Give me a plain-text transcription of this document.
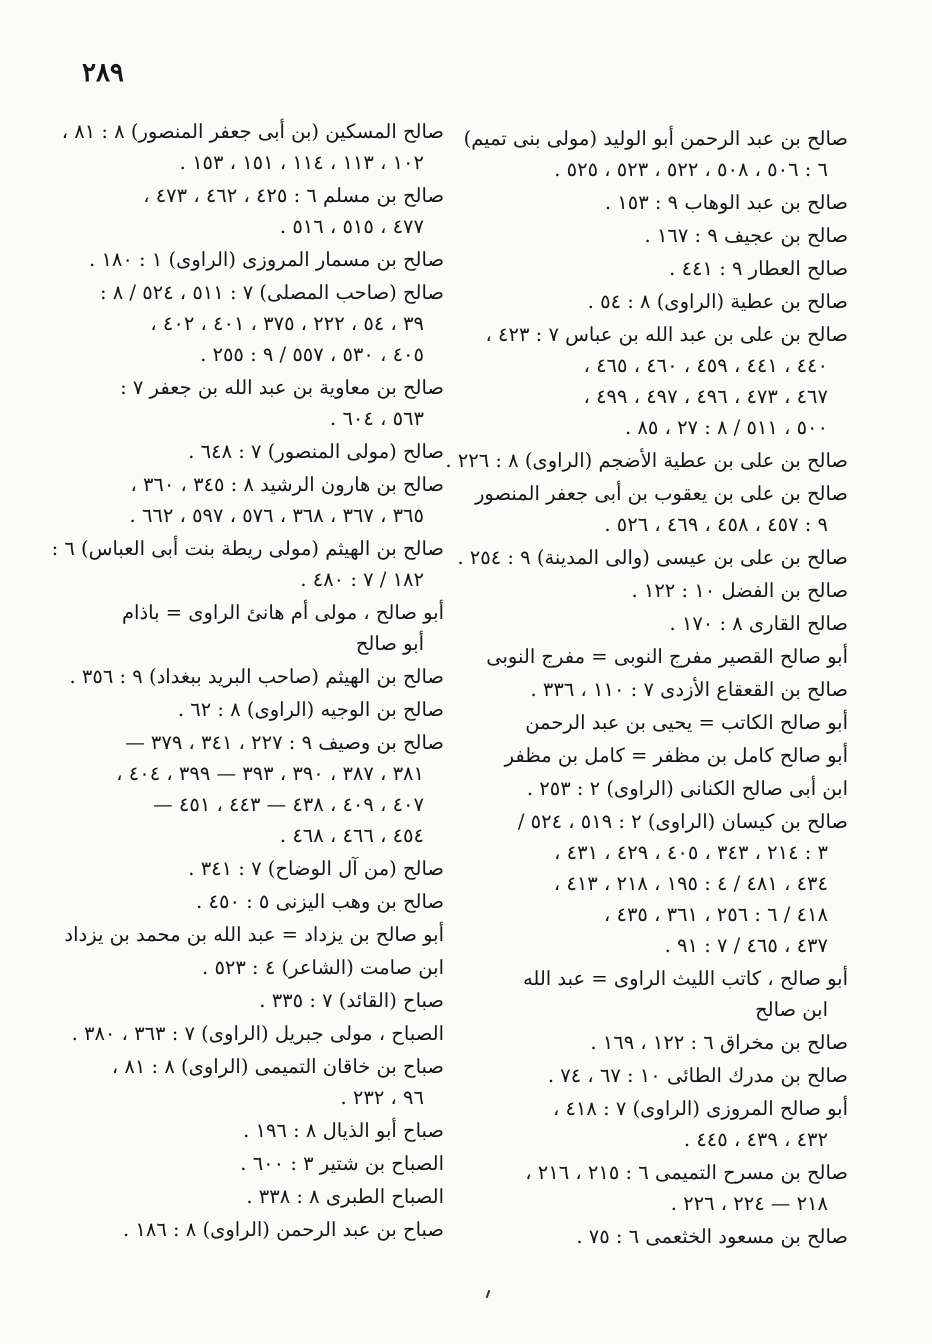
٢٨٩
صالح بن عبد الرحمن أبو الوليد (مولى بنى تميم)
٦ : ٥٠٦ ، ٥٠٨ ، ٥٢٢ ، ٥٢٣ ، ٥٢٥ .
صالح بن عبد الوهاب ٩ : ١٥٣ .
صالح بن عجيف ٩ : ١٦٧ .
صالح العطار ٩ : ٤٤١ .
صالح بن عطية (الراوى) ٨ : ٥٤ .
صالح بن على بن عبد الله بن عباس ٧ : ٤٢٣ ،
٤٤٠ ، ٤٤١ ، ٤٥٩ ، ٤٦٠ ، ٤٦٥ ،
٤٦٧ ، ٤٧٣ ، ٤٩٦ ، ٤٩٧ ، ٤٩٩ ،
٥٠٠ ، ٥١١ / ٨ : ٢٧ ، ٨٥ .
صالح بن على بن عطية الأضجم (الراوى) ٨ : ٢٢٦ .
صالح بن على بن يعقوب بن أبى جعفر المنصور
٩ : ٤٥٧ ، ٤٥٨ ، ٤٦٩ ، ٥٢٦ .
صالح بن على بن عيسى (والى المدينة) ٩ : ٢٥٤ .
صالح بن الفضل ١٠ : ١٢٢ .
صالح القارى ٨ : ١٧٠ .
أبو صالح القصير مفرج النوبى = مفرج النوبى
صالح بن القعقاع الأزدى ٧ : ١١٠ ، ٣٣٦ .
أبو صالح الكاتب = يحيى بن عبد الرحمن
أبو صالح كامل بن مظفر = كامل بن مظفر
ابن أبى صالح الكنانى (الراوى) ٢ : ٢٥٣ .
صالح بن كيسان (الراوى) ٢ : ٥١٩ ، ٥٢٤ /
٣ : ٢١٤ ، ٣٤٣ ، ٤٠٥ ، ٤٢٩ ، ٤٣١ ،
٤٣٤ ، ٤٨١ / ٤ : ١٩٥ ، ٢١٨ ، ٤١٣ ،
٤١٨ / ٦ : ٢٥٦ ، ٣٦١ ، ٤٣٥ ،
٤٣٧ ، ٤٦٥ / ٧ : ٩١ .
أبو صالح ، كاتب الليث الراوى = عبد الله
ابن صالح
صالح بن مخراق ٦ : ١٢٢ ، ١٦٩ .
صالح بن مدرك الطائى ١٠ : ٦٧ ، ٧٤ .
أبو صالح المروزى (الراوى) ٧ : ٤١٨ ،
٤٣٢ ، ٤٣٩ ، ٤٤٥ .
صالح بن مسرح التميمى ٦ : ٢١٥ ، ٢١٦ ،
٢١٨ — ٢٢٤ ، ٢٢٦ .
صالح بن مسعود الخثعمى ٦ : ٧٥ .
صالح المسكين (بن أبى جعفر المنصور) ٨ : ٨١ ،
١٠٢ ، ١١٣ ، ١١٤ ، ١٥١ ، ١٥٣ .
صالح بن مسلم ٦ : ٤٢٥ ، ٤٦٢ ، ٤٧٣ ،
٤٧٧ ، ٥١٥ ، ٥١٦ .
صالح بن مسمار المروزى (الراوى) ١ : ١٨٠ .
صالح (صاحب المصلى) ٧ : ٥١١ ، ٥٢٤ / ٨ :
٣٩ ، ٥٤ ، ٢٢٢ ، ٣٧٥ ، ٤٠١ ، ٤٠٢ ،
٤٠٥ ، ٥٣٠ ، ٥٥٧ / ٩ : ٢٥٥ .
صالح بن معاوية بن عبد الله بن جعفر ٧ :
٥٦٣ ، ٦٠٤ .
صالح (مولى المنصور) ٧ : ٦٤٨ .
صالح بن هارون الرشيد ٨ : ٣٤٥ ، ٣٦٠ ،
٣٦٥ ، ٣٦٧ ، ٣٦٨ ، ٥٧٦ ، ٥٩٧ ، ٦٦٢ .
صالح بن الهيثم (مولى ريطة بنت أبى العباس) ٦ :
١٨٢ / ٧ : ٤٨٠ .
أبو صالح ، مولى أم هانئ الراوى = باذام
أبو صالح
صالح بن الهيثم (صاحب البريد ببغداد) ٩ : ٣٥٦ .
صالح بن الوجيه (الراوى) ٨ : ٦٢ .
صالح بن وصيف ٩ : ٢٢٧ ، ٣٤١ ، ٣٧٩ —
٣٨١ ، ٣٨٧ ، ٣٩٠ ، ٣٩٣ — ٣٩٩ ، ٤٠٤ ،
٤٠٧ ، ٤٠٩ ، ٤٣٨ — ٤٤٣ ، ٤٥١ —
٤٥٤ ، ٤٦٦ ، ٤٦٨ .
صالح (من آل الوضاح) ٧ : ٣٤١ .
صالح بن وهب اليزنى ٥ : ٤٥٠ .
أبو صالح بن يزداد = عبد الله بن محمد بن يزداد
ابن صامت (الشاعر) ٤ : ٥٢٣ .
صباح (القائد) ٧ : ٣٣٥ .
الصباح ، مولى جبريل (الراوى) ٧ : ٣٦٣ ، ٣٨٠ .
صباح بن خاقان التميمى (الراوى) ٨ : ٨١ ،
٩٦ ، ٢٣٢ .
صباح أبو الذيال ٨ : ١٩٦ .
الصباح بن شتير ٣ : ٦٠٠ .
الصباح الطبرى ٨ : ٣٣٨ .
صباح بن عبد الرحمن (الراوى) ٨ : ١٨٦ .
